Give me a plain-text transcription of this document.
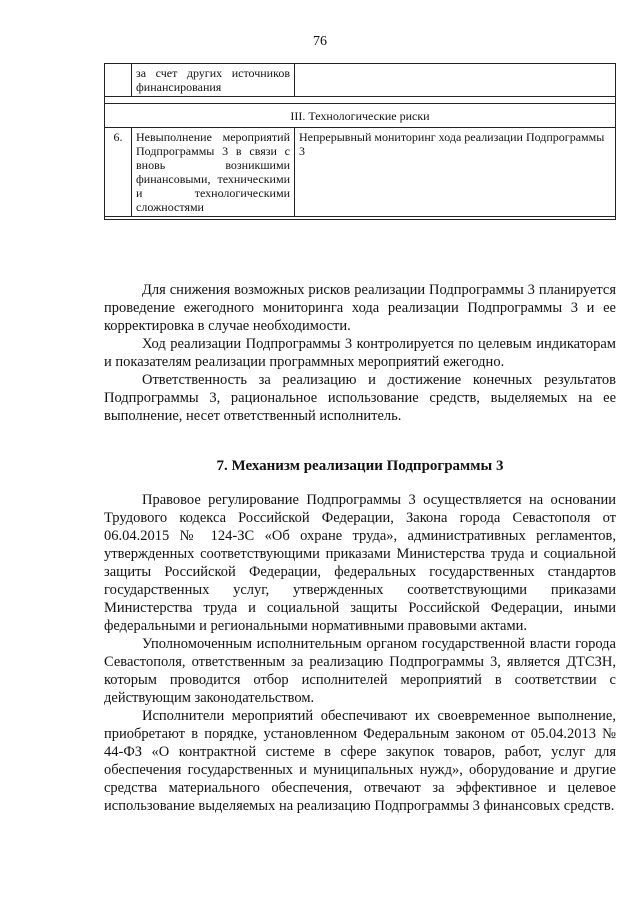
76
	за счет других источников финансирования	

III. Технологические риски		
6.	Невыполнение мероприятий Подпрограммы 3 в связи с вновь возникшими финансовыми, техническими и технологическими сложностями	Непрерывный мониторинг хода реализации Подпрограммы 3

Для снижения возможных рисков реализации Подпрограммы 3 планируется проведение ежегодного мониторинга хода реализации Подпрограммы 3 и ее корректировка в случае необходимости.

Ход реализации Подпрограммы 3 контролируется по целевым индикаторам и показателям реализации программных мероприятий ежегодно.

Ответственность за реализацию и достижение конечных результатов Подпрограммы 3, рациональное использование средств, выделяемых на ее выполнение, несет ответственный исполнитель.

7. Механизм реализации Подпрограммы 3

Правовое регулирование Подпрограммы 3 осуществляется на основании Трудового кодекса Российской Федерации, Закона города Севастополя от 06.04.2015 № 124-ЗС «Об охране труда», административных регламентов, утвержденных соответствующими приказами Министерства труда и социальной защиты Российской Федерации, федеральных государственных стандартов государственных услуг, утвержденных соответствующими приказами Министерства труда и социальной защиты Российской Федерации, иными федеральными и региональными нормативными правовыми актами.

Уполномоченным исполнительным органом государственной власти города Севастополя, ответственным за реализацию Подпрограммы 3, является ДТСЗН, которым проводится отбор исполнителей мероприятий в соответствии с действующим законодательством.

Исполнители мероприятий обеспечивают их своевременное выполнение, приобретают в порядке, установленном Федеральным законом от 05.04.2013 № 44-ФЗ «О контрактной системе в сфере закупок товаров, работ, услуг для обеспечения государственных и муниципальных нужд», оборудование и другие средства материального обеспечения, отвечают за эффективное и целевое использование выделяемых на реализацию Подпрограммы 3 финансовых средств.
